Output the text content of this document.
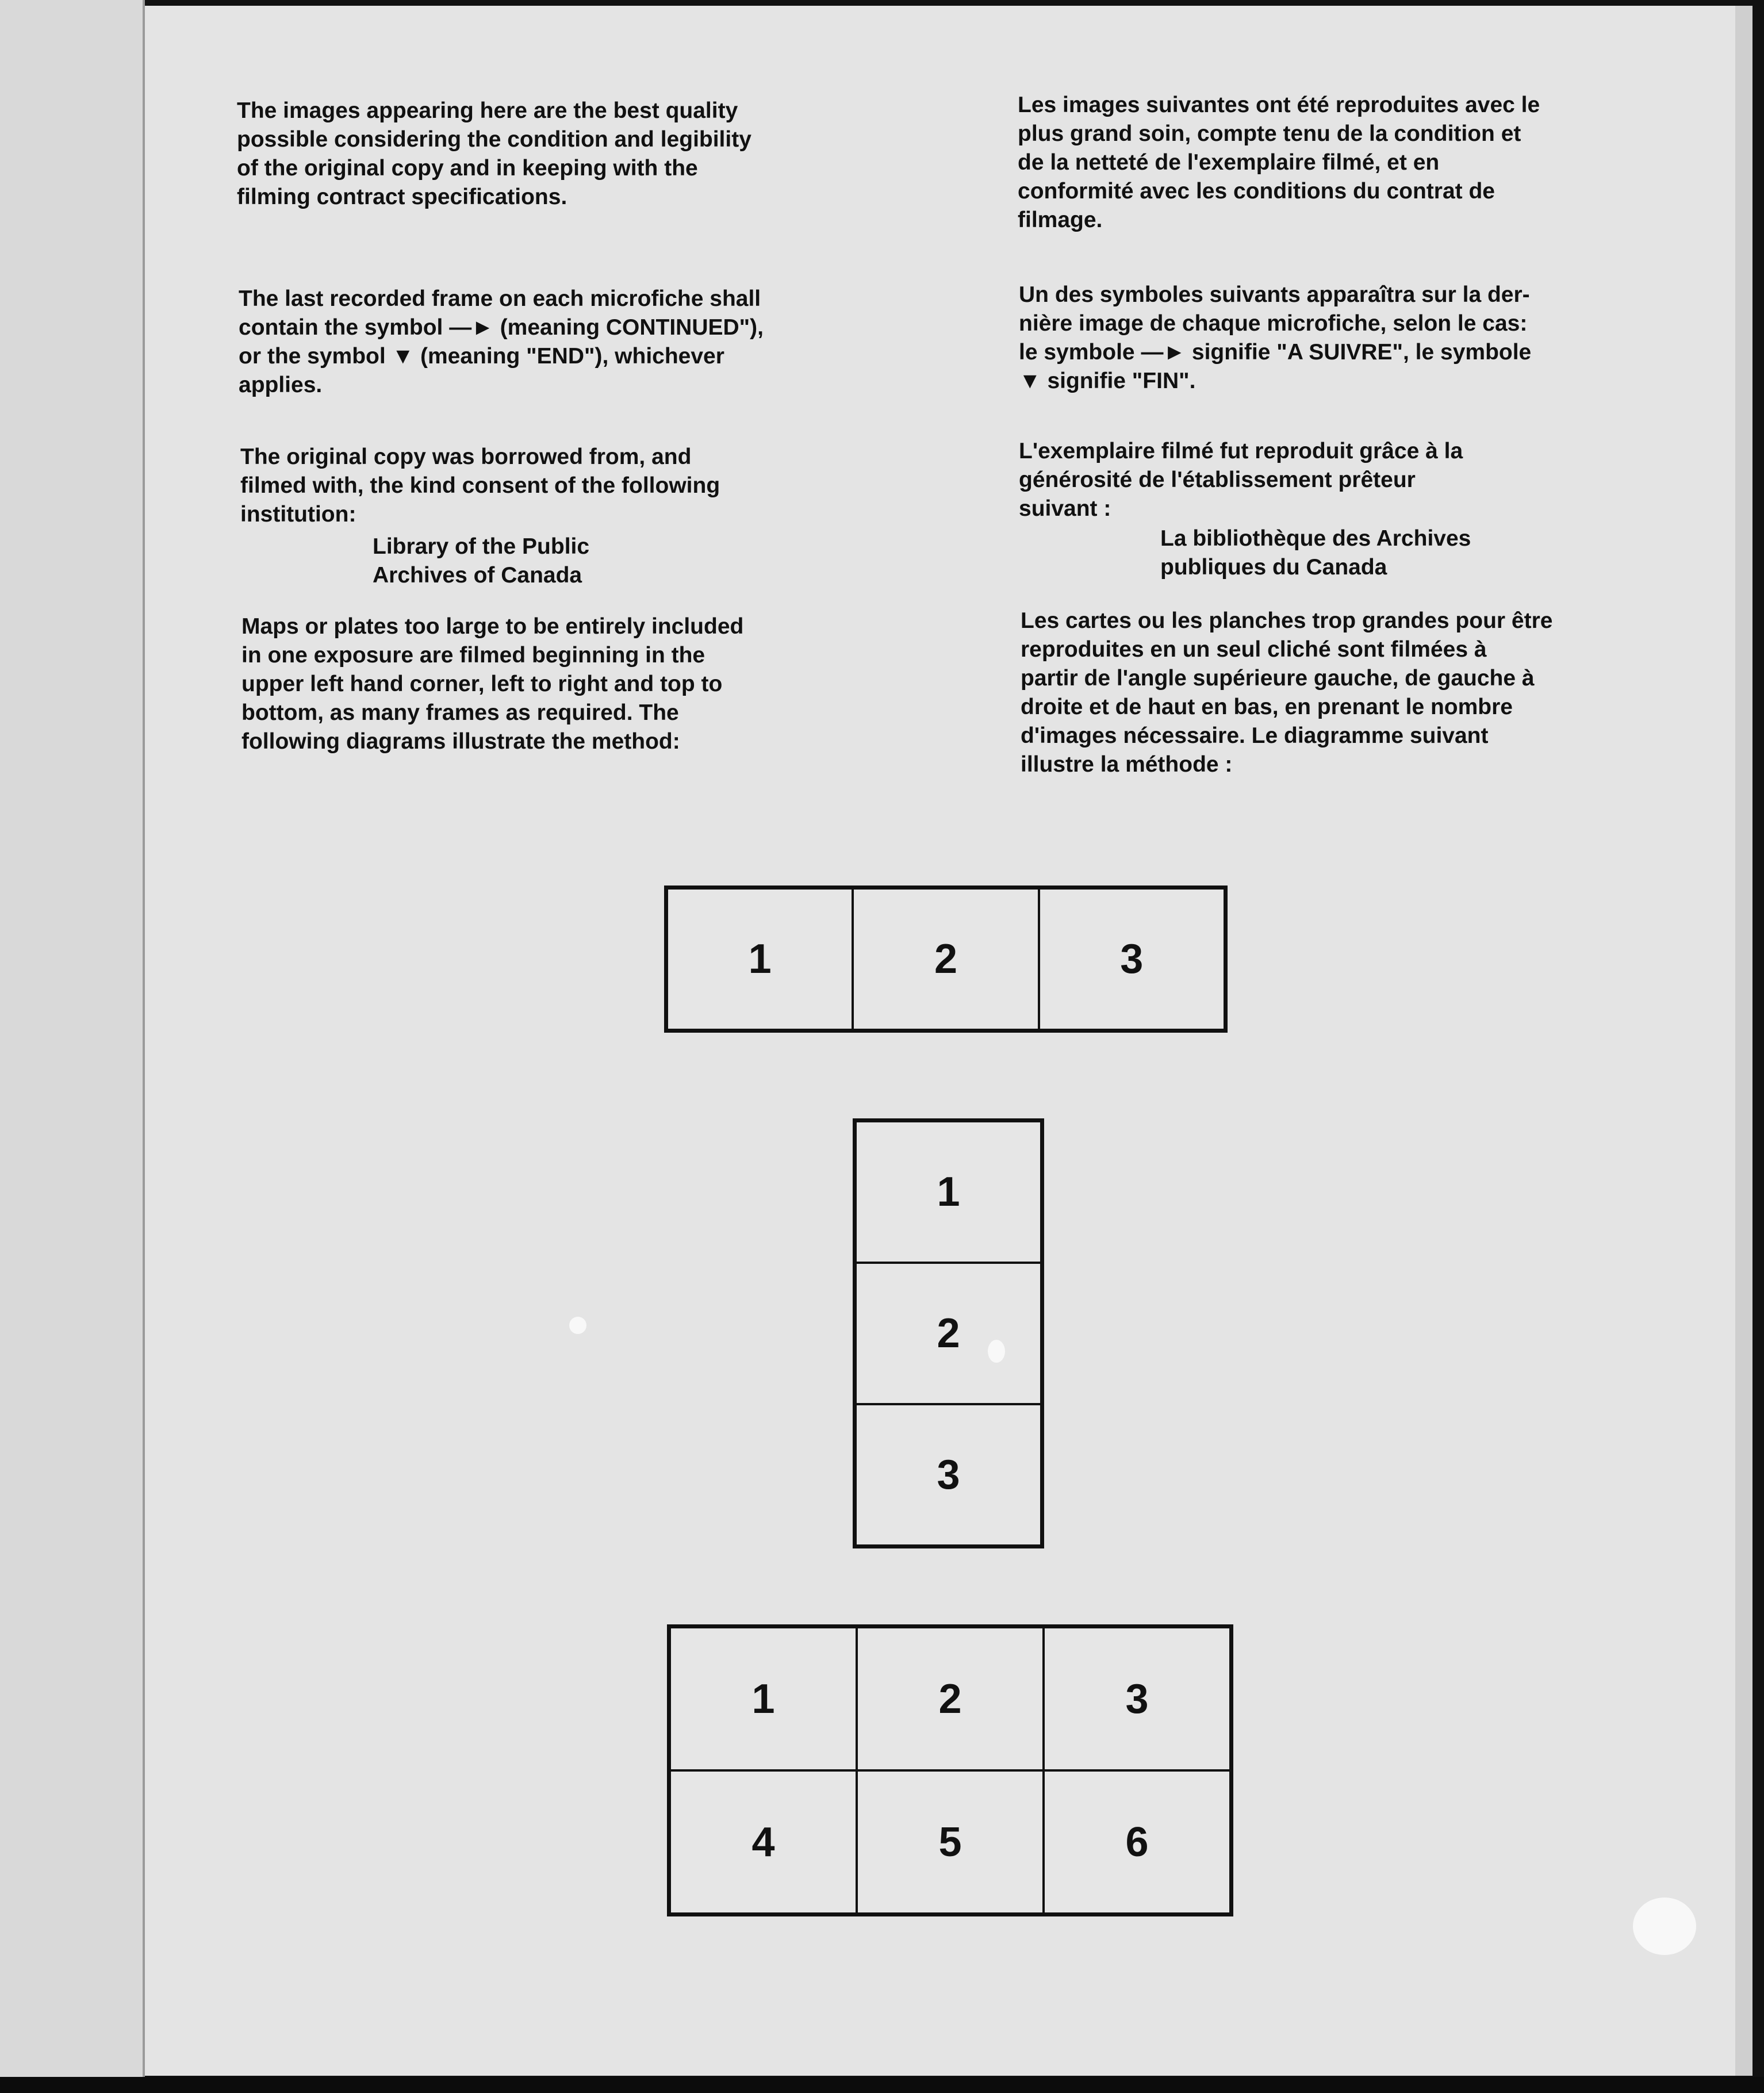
The images appearing here are the best quality
possible considering the condition and legibility
of the original copy and in keeping with the
filming contract specifications.

The last recorded frame on each microfiche shall
contain the symbol —► (meaning CONTINUED"),
or the symbol ▼ (meaning "END"), whichever
applies.

The original copy was borrowed from, and
filmed with, the kind consent of the following
institution:

Library of the Public
Archives of Canada

Maps or plates too large to be entirely included
in one exposure are filmed beginning in the
upper left hand corner, left to right and top to
bottom, as many frames as required. The
following diagrams illustrate the method:

Les images suivantes ont été reproduites avec le
plus grand soin, compte tenu de la condition et
de la netteté de l'exemplaire filmé, et en
conformité avec les conditions du contrat de
filmage.

Un des symboles suivants apparaîtra sur la der-
nière image de chaque microfiche, selon le cas:
le symbole —► signifie "A SUIVRE", le symbole
▼ signifie "FIN".

L'exemplaire filmé fut reproduit grâce à la
générosité de l'établissement prêteur
suivant :

La bibliothèque des Archives
publiques du Canada

Les cartes ou les planches trop grandes pour être
reproduites en un seul cliché sont filmées à
partir de l'angle supérieure gauche, de gauche à
droite et de haut en bas, en prenant le nombre
d'images nécessaire. Le diagramme suivant
illustre la méthode :

1	2	3
1
2
3
1	2	3
4	5	6
